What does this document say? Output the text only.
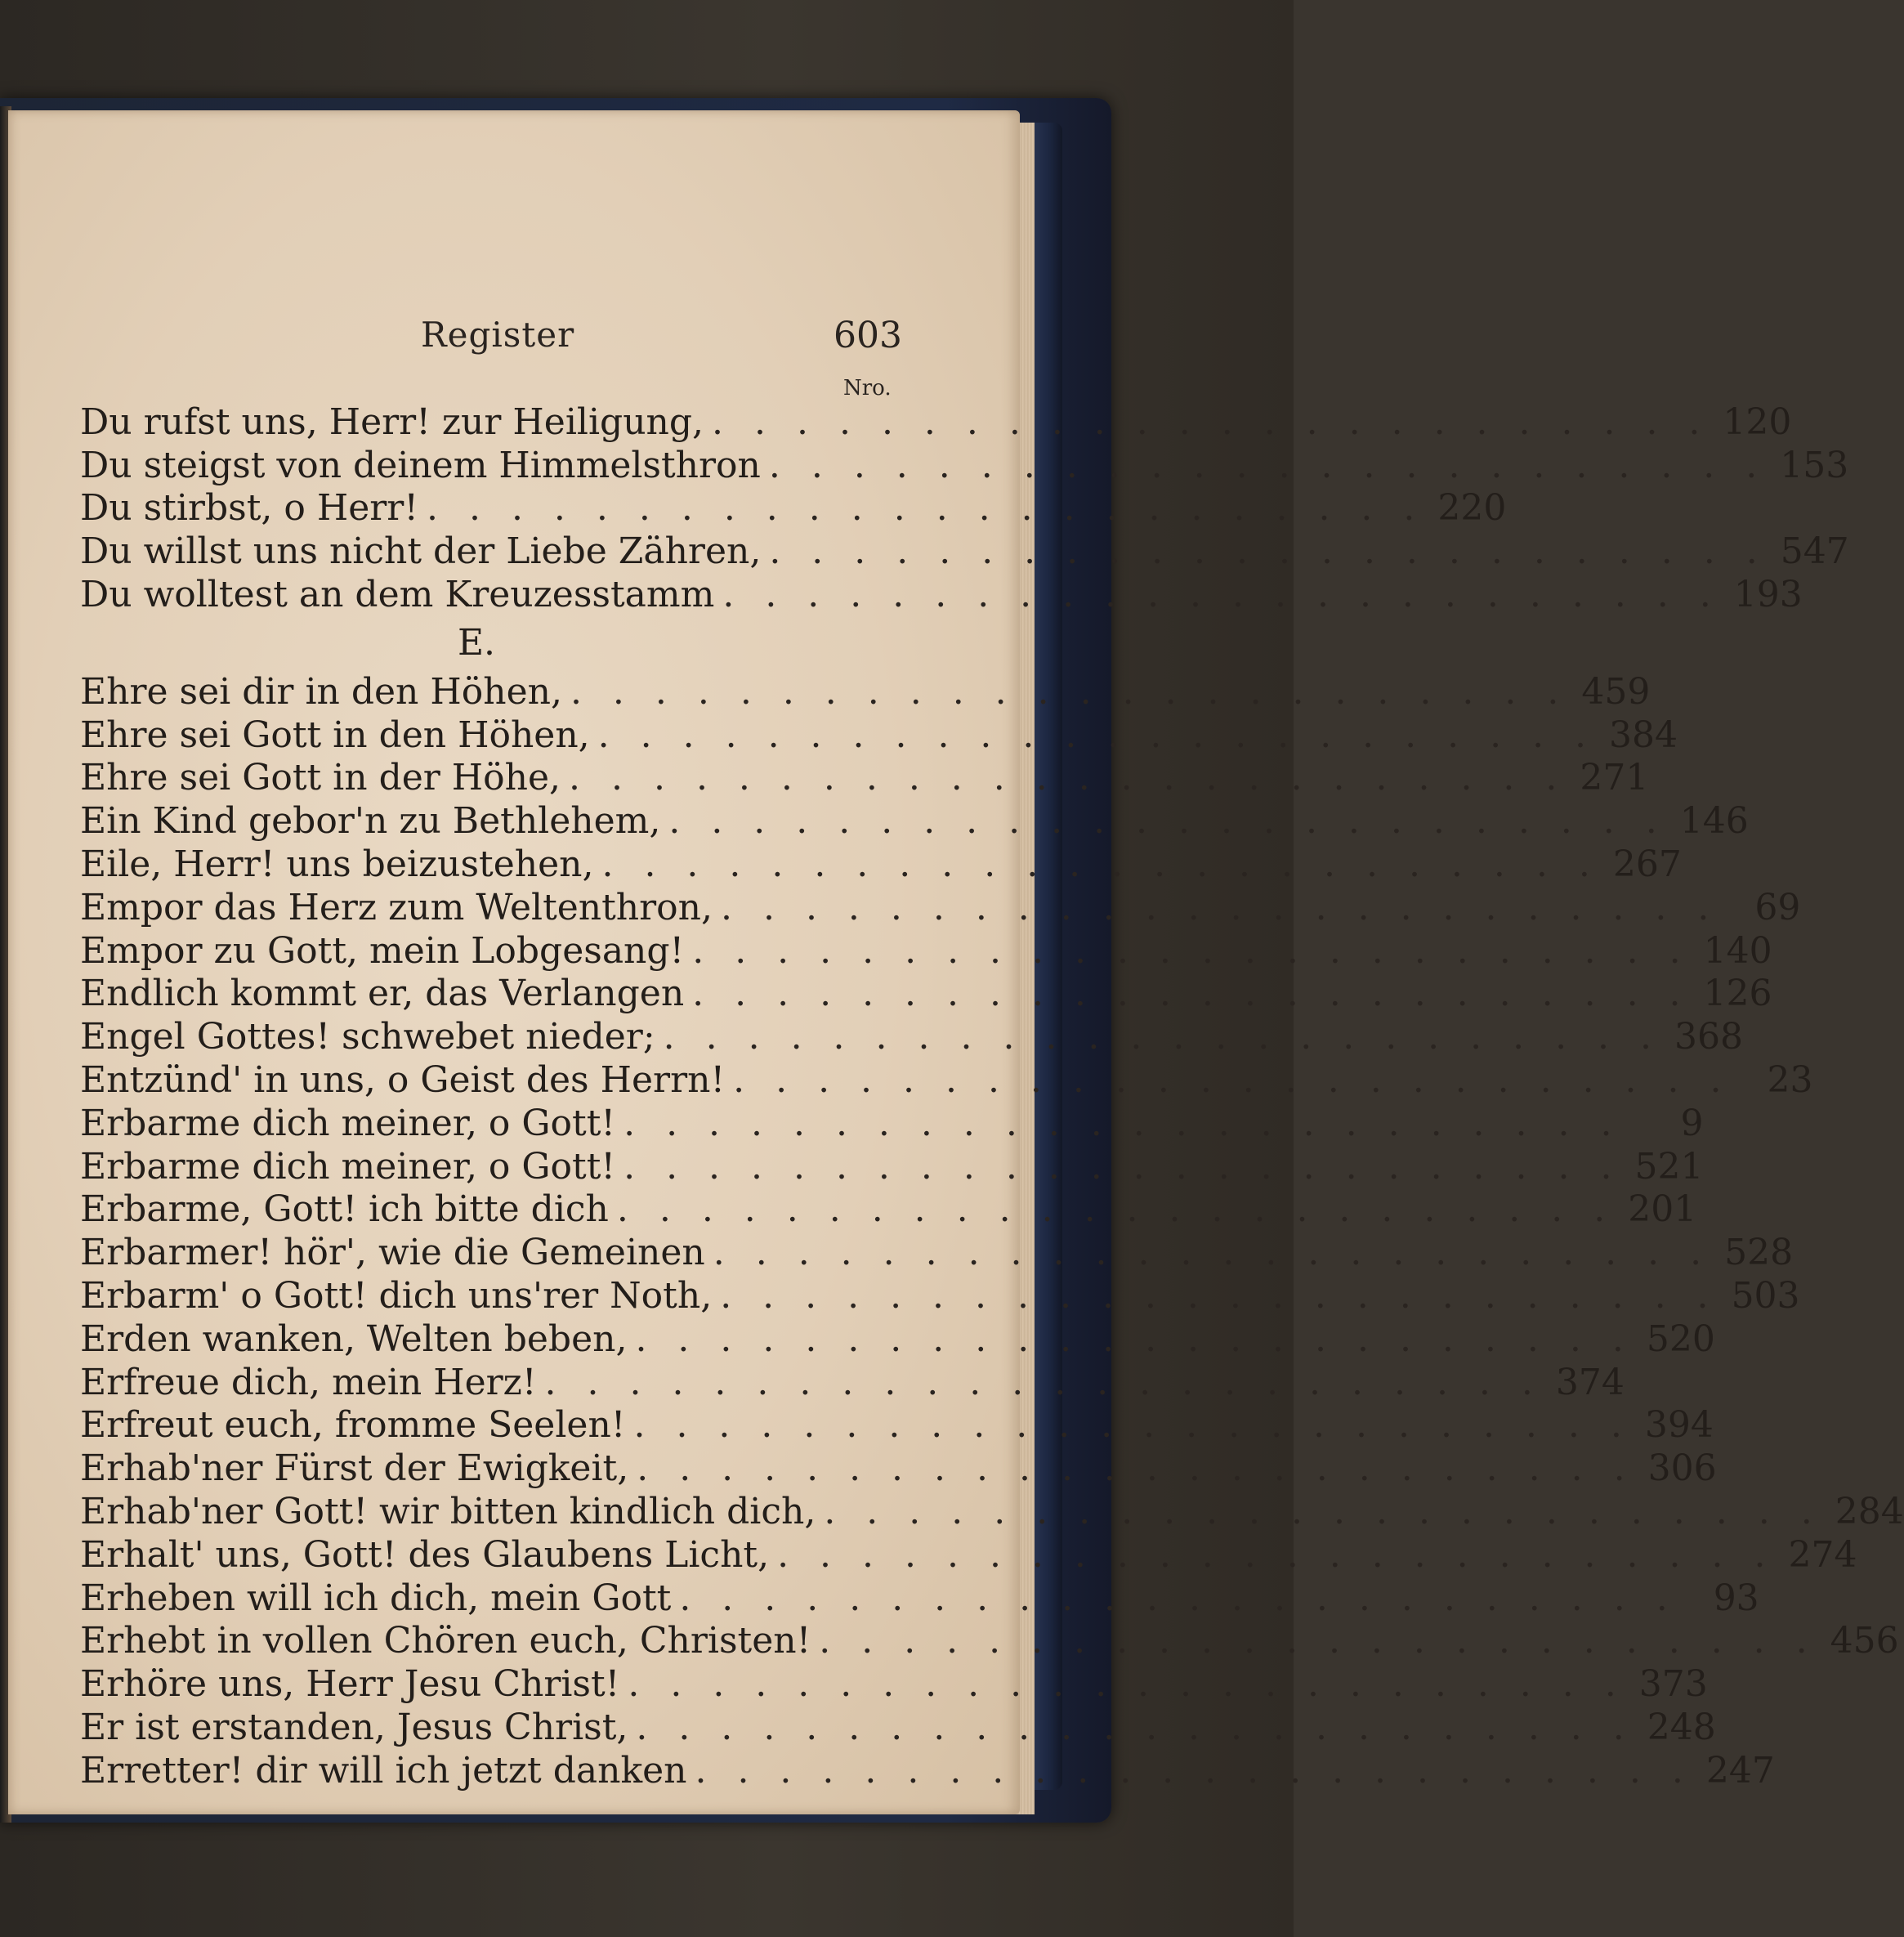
Register	603
Nro.
Du rufst uns, Herr! zur Heiligung, . . . . . . . . . . . . . . . . . . . . . . . . 120
Du steigst von deinem Himmelsthron . . . . . . . . . . . . . . . . . . . . . . . . 153
Du stirbst, o Herr! . . . . . . . . . . . . . . . . . . . . . . . . 220
Du willst uns nicht der Liebe Zähren, . . . . . . . . . . . . . . . . . . . . . . . . 547
Du wolltest an dem Kreuzesstamm . . . . . . . . . . . . . . . . . . . . . . . . 193
E.
Ehre sei dir in den Höhen, . . . . . . . . . . . . . . . . . . . . . . . . 459
Ehre sei Gott in den Höhen, . . . . . . . . . . . . . . . . . . . . . . . . 384
Ehre sei Gott in der Höhe, . . . . . . . . . . . . . . . . . . . . . . . . 271
Ein Kind gebor'n zu Bethlehem, . . . . . . . . . . . . . . . . . . . . . . . . 146
Eile, Herr! uns beizustehen, . . . . . . . . . . . . . . . . . . . . . . . . 267
Empor das Herz zum Weltenthron, . . . . . . . . . . . . . . . . . . . . . . . .	69
Empor zu Gott, mein Lobgesang! . . . . . . . . . . . . . . . . . . . . . . . . 140
Endlich kommt er, das Verlangen . . . . . . . . . . . . . . . . . . . . . . . . 126
Engel Gottes! schwebet nieder; . . . . . . . . . . . . . . . . . . . . . . . . 368
Entzünd' in uns, o Geist des Herrn! . . . . . . . . . . . . . . . . . . . . . . . .	23
Erbarme dich meiner, o Gott! . . . . . . . . . . . . . . . . . . . . . . . .	9
Erbarme dich meiner, o Gott! . . . . . . . . . . . . . . . . . . . . . . . . 521
Erbarme, Gott! ich bitte dich . . . . . . . . . . . . . . . . . . . . . . . . 201
Erbarmer! hör', wie die Gemeinen . . . . . . . . . . . . . . . . . . . . . . . . 528
Erbarm' o Gott! dich uns'rer Noth, . . . . . . . . . . . . . . . . . . . . . . . . 503
Erden wanken, Welten beben, . . . . . . . . . . . . . . . . . . . . . . . . 520
Erfreue dich, mein Herz! . . . . . . . . . . . . . . . . . . . . . . . . 374
Erfreut euch, fromme Seelen! . . . . . . . . . . . . . . . . . . . . . . . . 394
Erhab'ner Fürst der Ewigkeit, . . . . . . . . . . . . . . . . . . . . . . . . 306
Erhab'ner Gott! wir bitten kindlich dich, . . . . . . . . . . . . . . . . . . . . . . . . 284
Erhalt' uns, Gott! des Glaubens Licht, . . . . . . . . . . . . . . . . . . . . . . . . 274
Erheben will ich dich, mein Gott . . . . . . . . . . . . . . . . . . . . . . . .	93
Erhebt in vollen Chören euch, Christen! . . . . . . . . . . . . . . . . . . . . . . . . 456
Erhöre uns, Herr Jesu Christ! . . . . . . . . . . . . . . . . . . . . . . . . 373
Er ist erstanden, Jesus Christ, . . . . . . . . . . . . . . . . . . . . . . . . 248
Erretter! dir will ich jetzt danken . . . . . . . . . . . . . . . . . . . . . . . . 247
